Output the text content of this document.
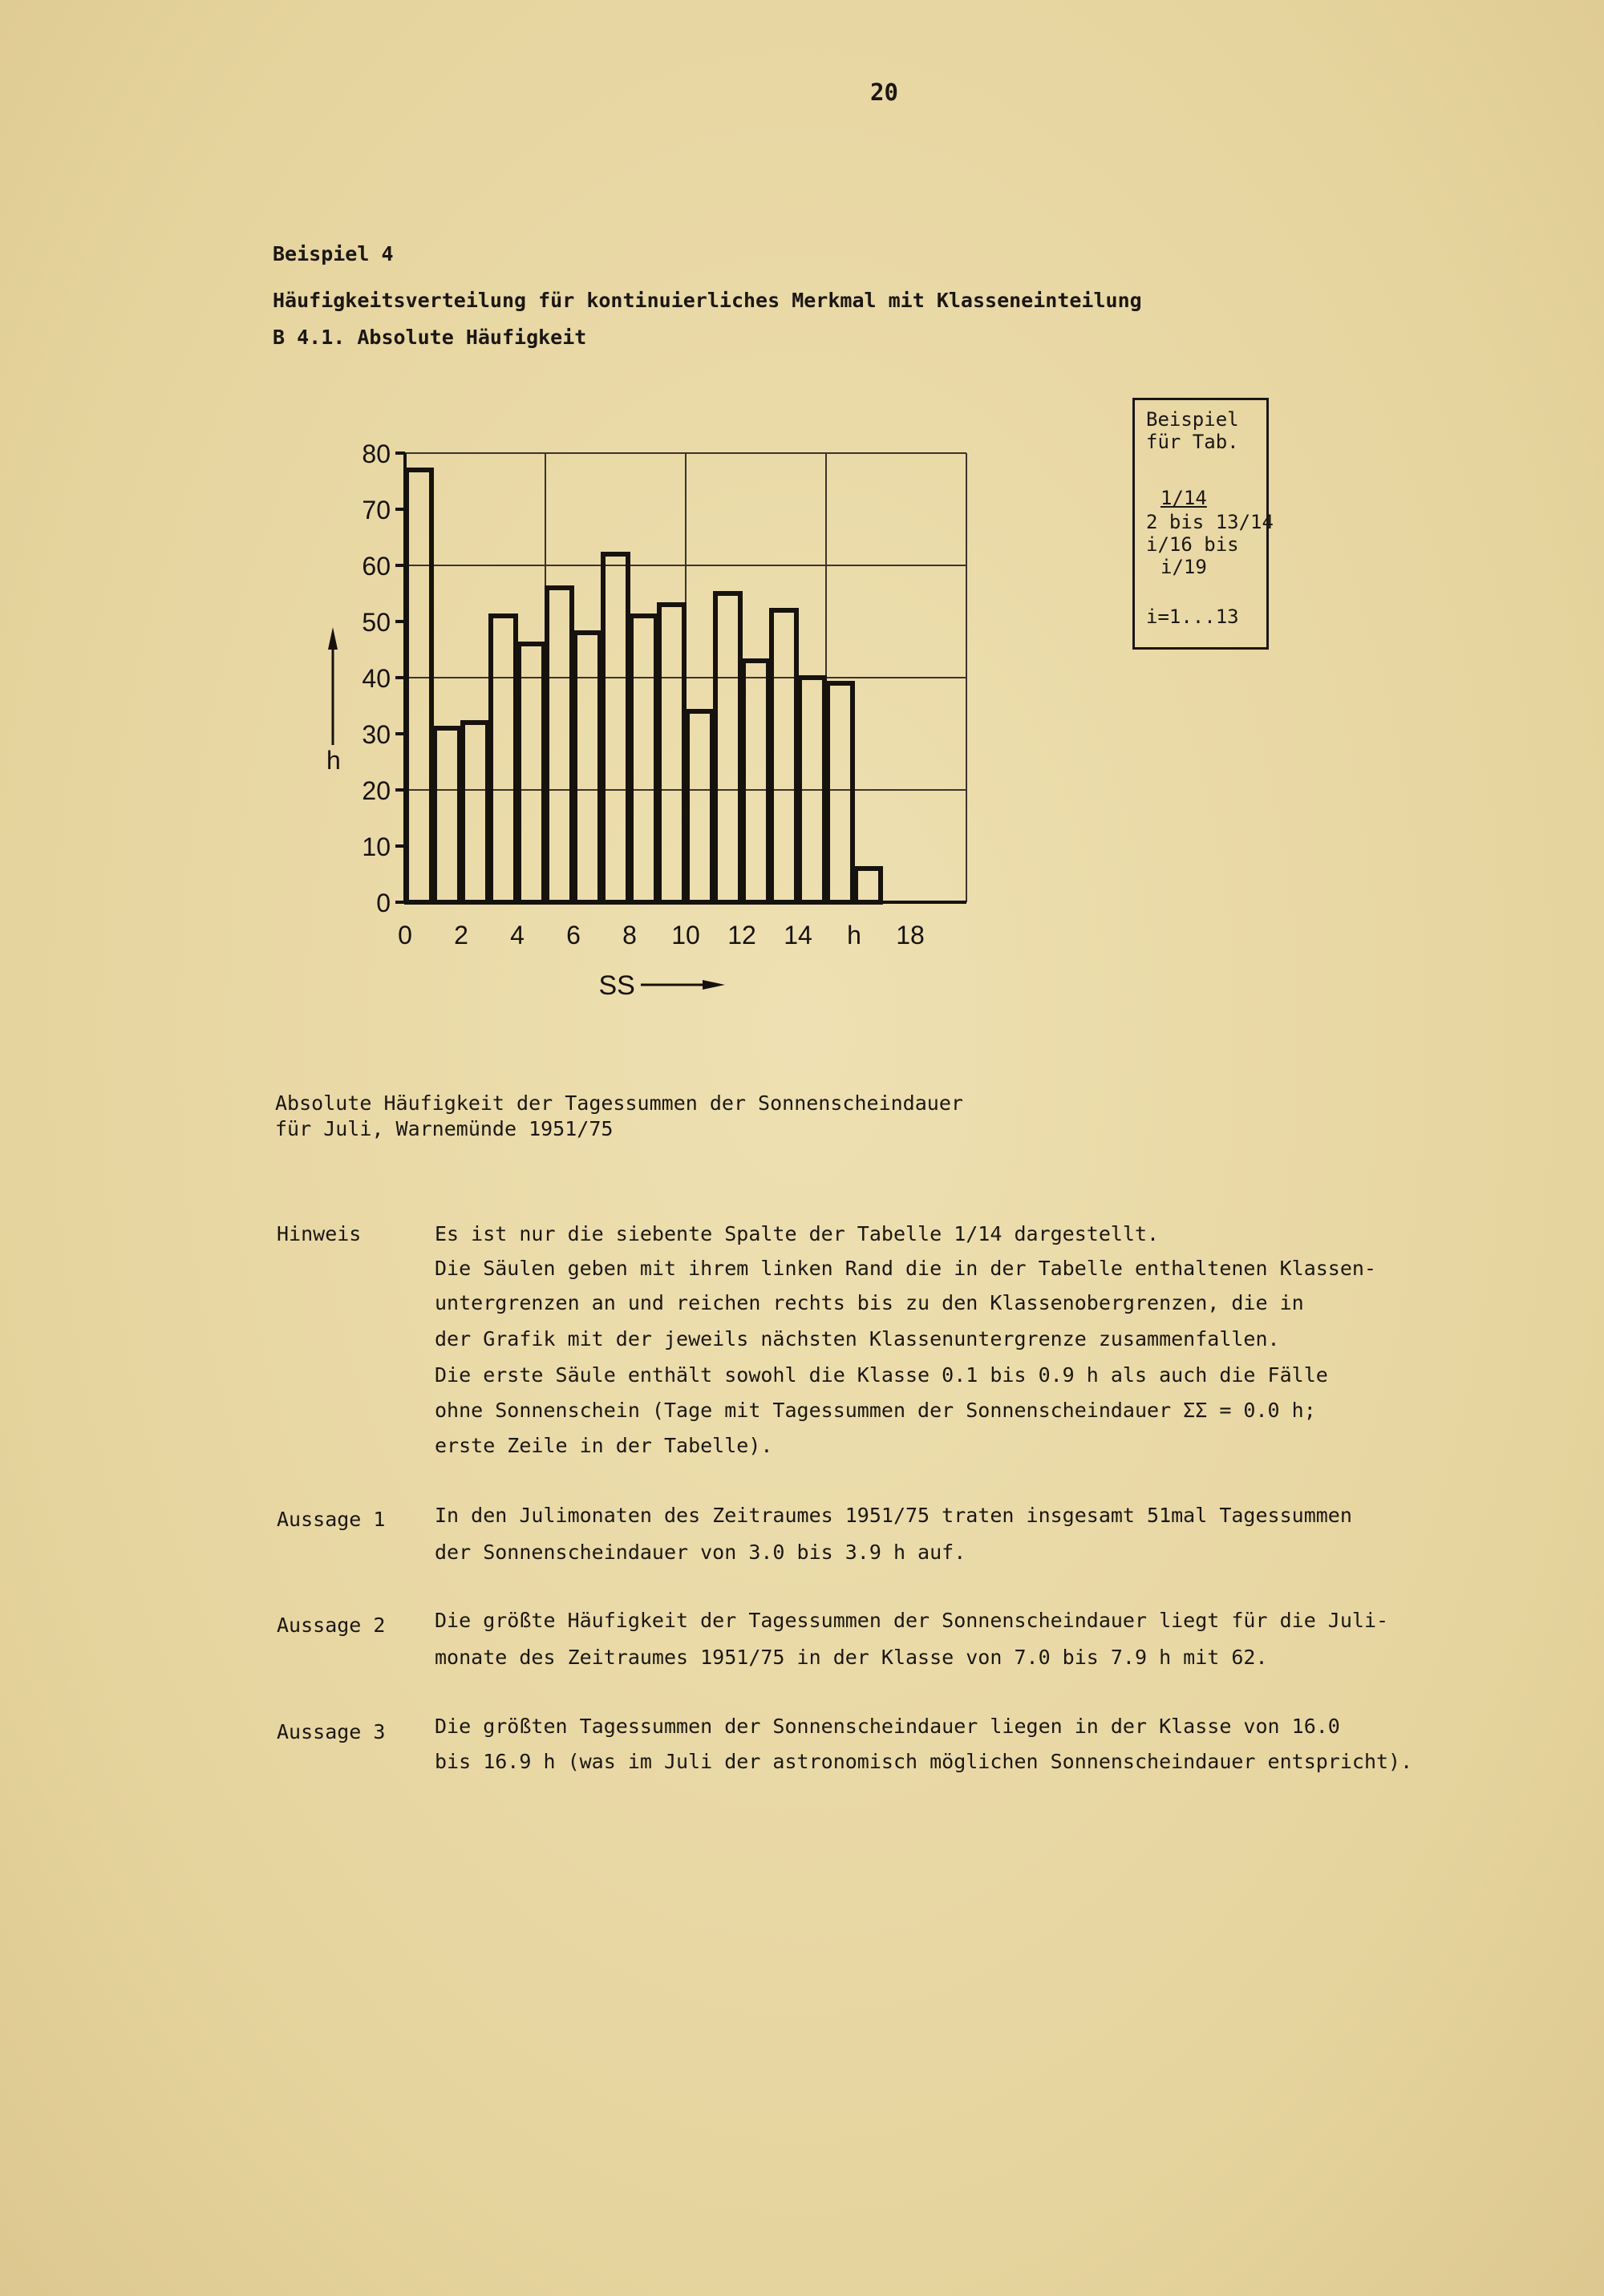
20
Beispiel 4
Häufigkeitsverteilung für kontinuierliches Merkmal mit Klasseneinteilung
B 4.1. Absolute Häufigkeit
Beispiel
für Tab.
1/14
2 bis 13/14
i/16 bis
i/19
i=1...13
0
10
20
30
40
50
60
70
80
0 2 4 6 8 10 12 14 h 18
h
SS
Absolute Häufigkeit der Tagessummen der Sonnenscheindauer
für Juli, Warnemünde 1951/75
Hinweis	Es ist nur die siebente Spalte der Tabelle 1/14 dargestellt.
Die Säulen geben mit ihrem linken Rand die in der Tabelle enthaltenen Klassen-
untergrenzen an und reichen rechts bis zu den Klassenobergrenzen, die in
der Grafik mit der jeweils nächsten Klassenuntergrenze zusammenfallen.
Die erste Säule enthält sowohl die Klasse 0.1 bis 0.9 h als auch die Fälle
ohne Sonnenschein (Tage mit Tagessummen der Sonnenscheindauer ΣΣ = 0.0 h;
erste Zeile in der Tabelle).
Aussage 1 In den Julimonaten des Zeitraumes 1951/75 traten insgesamt 51mal Tagessummen
der Sonnenscheindauer von 3.0 bis 3.9 h auf.
Aussage 2 Die größte Häufigkeit der Tagessummen der Sonnenscheindauer liegt für die Juli-
monate des Zeitraumes 1951/75 in der Klasse von 7.0 bis 7.9 h mit 62.
Aussage 3 Die größten Tagessummen der Sonnenscheindauer liegen in der Klasse von 16.0
bis 16.9 h (was im Juli der astronomisch möglichen Sonnenscheindauer entspricht).
